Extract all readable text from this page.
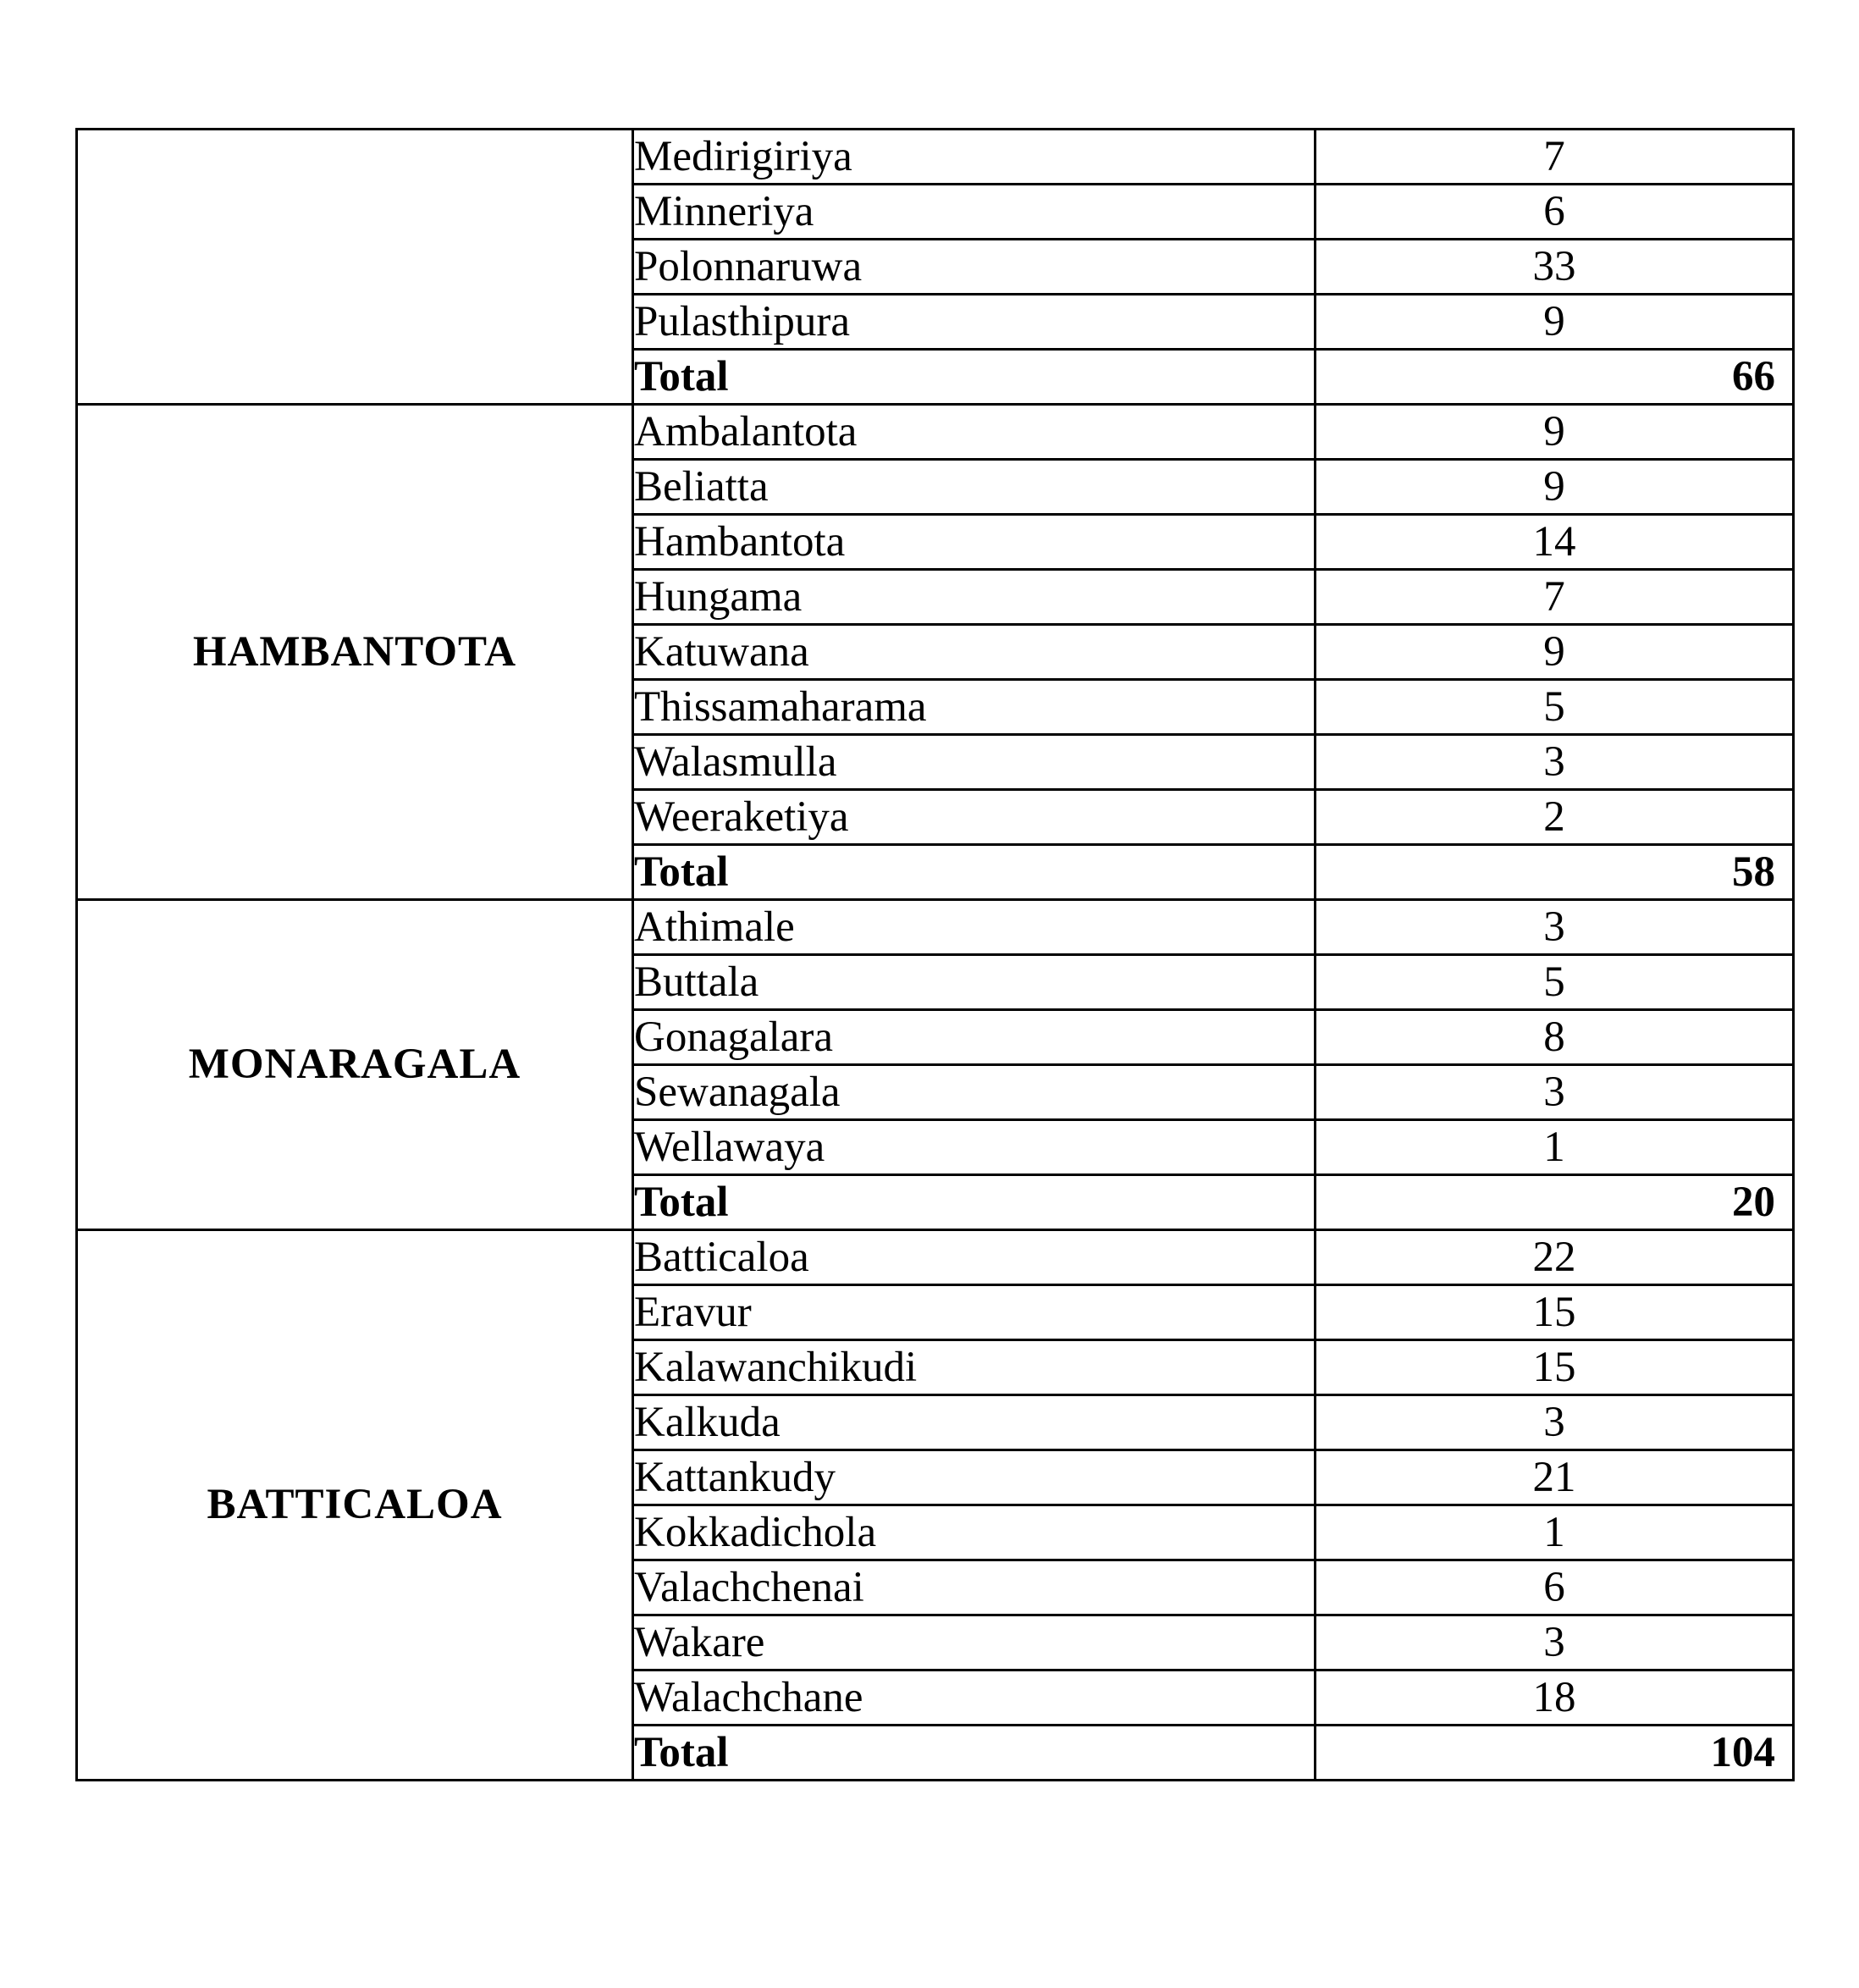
	Medirigiriya	7
	Minneriya	6
	Polonnaruwa	33
	Pulasthipura	9
	Total	66
HAMBANTOTA	Ambalantota	9
	Beliatta	9
	Hambantota	14
	Hungama	7
	Katuwana	9
	Thissamaharama	5
	Walasmulla	3
	Weeraketiya	2
	Total	58
MONARAGALA	Athimale	3
	Buttala	5
	Gonagalara	8
	Sewanagala	3
	Wellawaya	1
	Total	20
BATTICALOA	Batticaloa	22
	Eravur	15
	Kalawanchikudi	15
	Kalkuda	3
	Kattankudy	21
	Kokkadichola	1
	Valachchenai	6
	Wakare	3
	Walachchane	18
	Total	104
